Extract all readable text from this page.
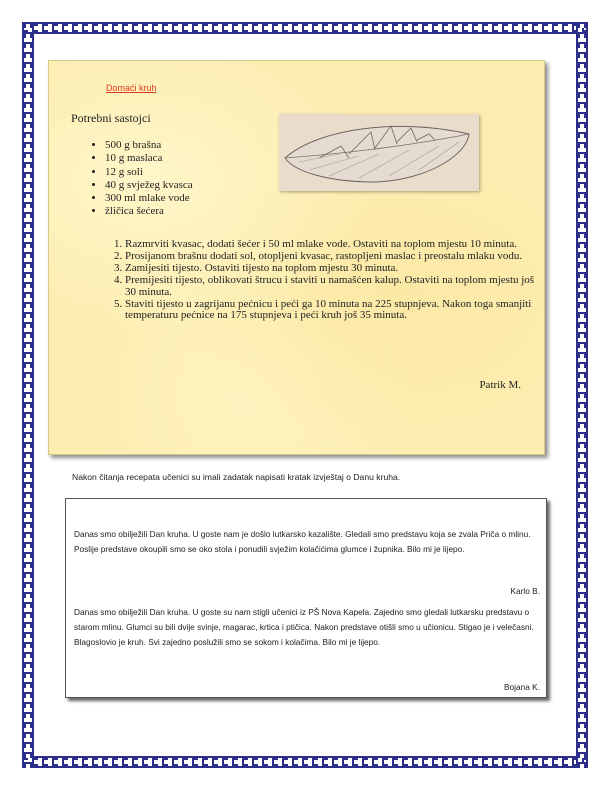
Domaći kruh
Potrebni sastojci
• 500 g brašna
• 10 g maslaca
• 12 g soli
• 40 g svježeg kvasca
• 300 ml mlake vode
• žličica šećera
1. Razmrviti kvasac, dodati šećer i 50 ml mlake vode. Ostaviti na toplom mjestu 10 minuta.
2. Prosijanom brašnu dodati sol, otopljeni kvasac, rastopljeni maslac i preostalu mlaku vodu.
3. Zamijesiti tijesto. Ostaviti tijesto na toplom mjestu 30 minuta.
4. Premijesiti tijesto, oblikovati štrucu i staviti u namašćen kalup. Ostaviti na toplom mjestu još 30 minuta.
5. Staviti tijesto u zagrijanu pećnicu i peći ga 10 minuta na 225 stupnjeva. Nakon toga smanjiti temperaturu pećnice na 175 stupnjeva i peći kruh još 35 minuta.
Patrik M.
Nakon čitanja recepata učenici su imali zadatak napisati kratak izvještaj o Danu kruha.
Danas smo obilježili Dan kruha. U goste nam je došlo lutkarsko kazalište. Gledali smo predstavu koja se zvala Priča o mlinu. Poslije predstave okoupili smo se oko stola i ponudili svježim kolačićima glumce i župnika. Bilo mi je lijepo.
Karlo B.
Danas smo obilježili Dan kruha. U goste su nam stigli učenici iz PŠ Nova Kapela. Zajedno smo gledali lutkarsku predstavu o starom mlinu. Glumci su bili dvije svinje, magarac, krtica i ptičica. Nakon predstave otišli smo u učionicu. Stigao je i velečasni. Blagoslovio je kruh. Svi zajedno poslužili smo se sokom i kolačima. Bilo mi je lijepo.
Bojana K.
